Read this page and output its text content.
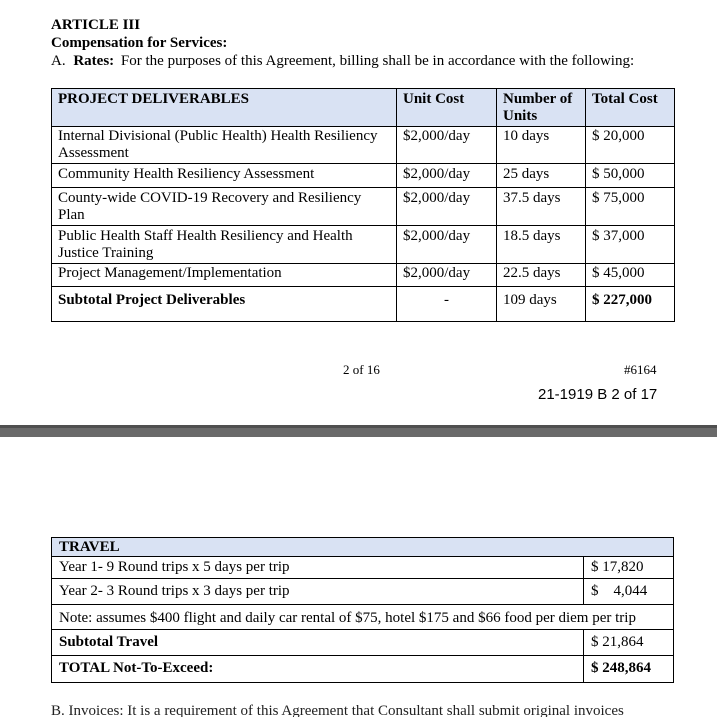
ARTICLE III
Compensation for Services:
A. Rates: For the purposes of this Agreement, billing shall be in accordance with the following:
PROJECT DELIVERABLES	Unit Cost	Number of Units	Total Cost
Internal Divisional (Public Health) Health Resiliency Assessment	$2,000/day	10 days	$ 20,000
Community Health Resiliency Assessment	$2,000/day	25 days	$ 50,000
County-wide COVID-19 Recovery and Resiliency Plan	$2,000/day	37.5 days	$ 75,000
Public Health Staff Health Resiliency and Health Justice Training	$2,000/day	18.5 days	$ 37,000
Project Management/Implementation	$2,000/day	22.5 days	$ 45,000
Subtotal Project Deliverables	-	109 days	$ 227,000
2 of 16	#6164
21-1919 B 2 of 17
TRAVEL	
Year 1- 9 Round trips x 5 days per trip	$ 17,820
Year 2- 3 Round trips x 3 days per trip	$    4,044
Note: assumes $400 flight and daily car rental of $75, hotel $175 and $66 food per diem per trip	
Subtotal Travel	$ 21,864
TOTAL Not-To-Exceed:	$ 248,864
B. Invoices: It is a requirement of this Agreement that Consultant shall submit original invoices
